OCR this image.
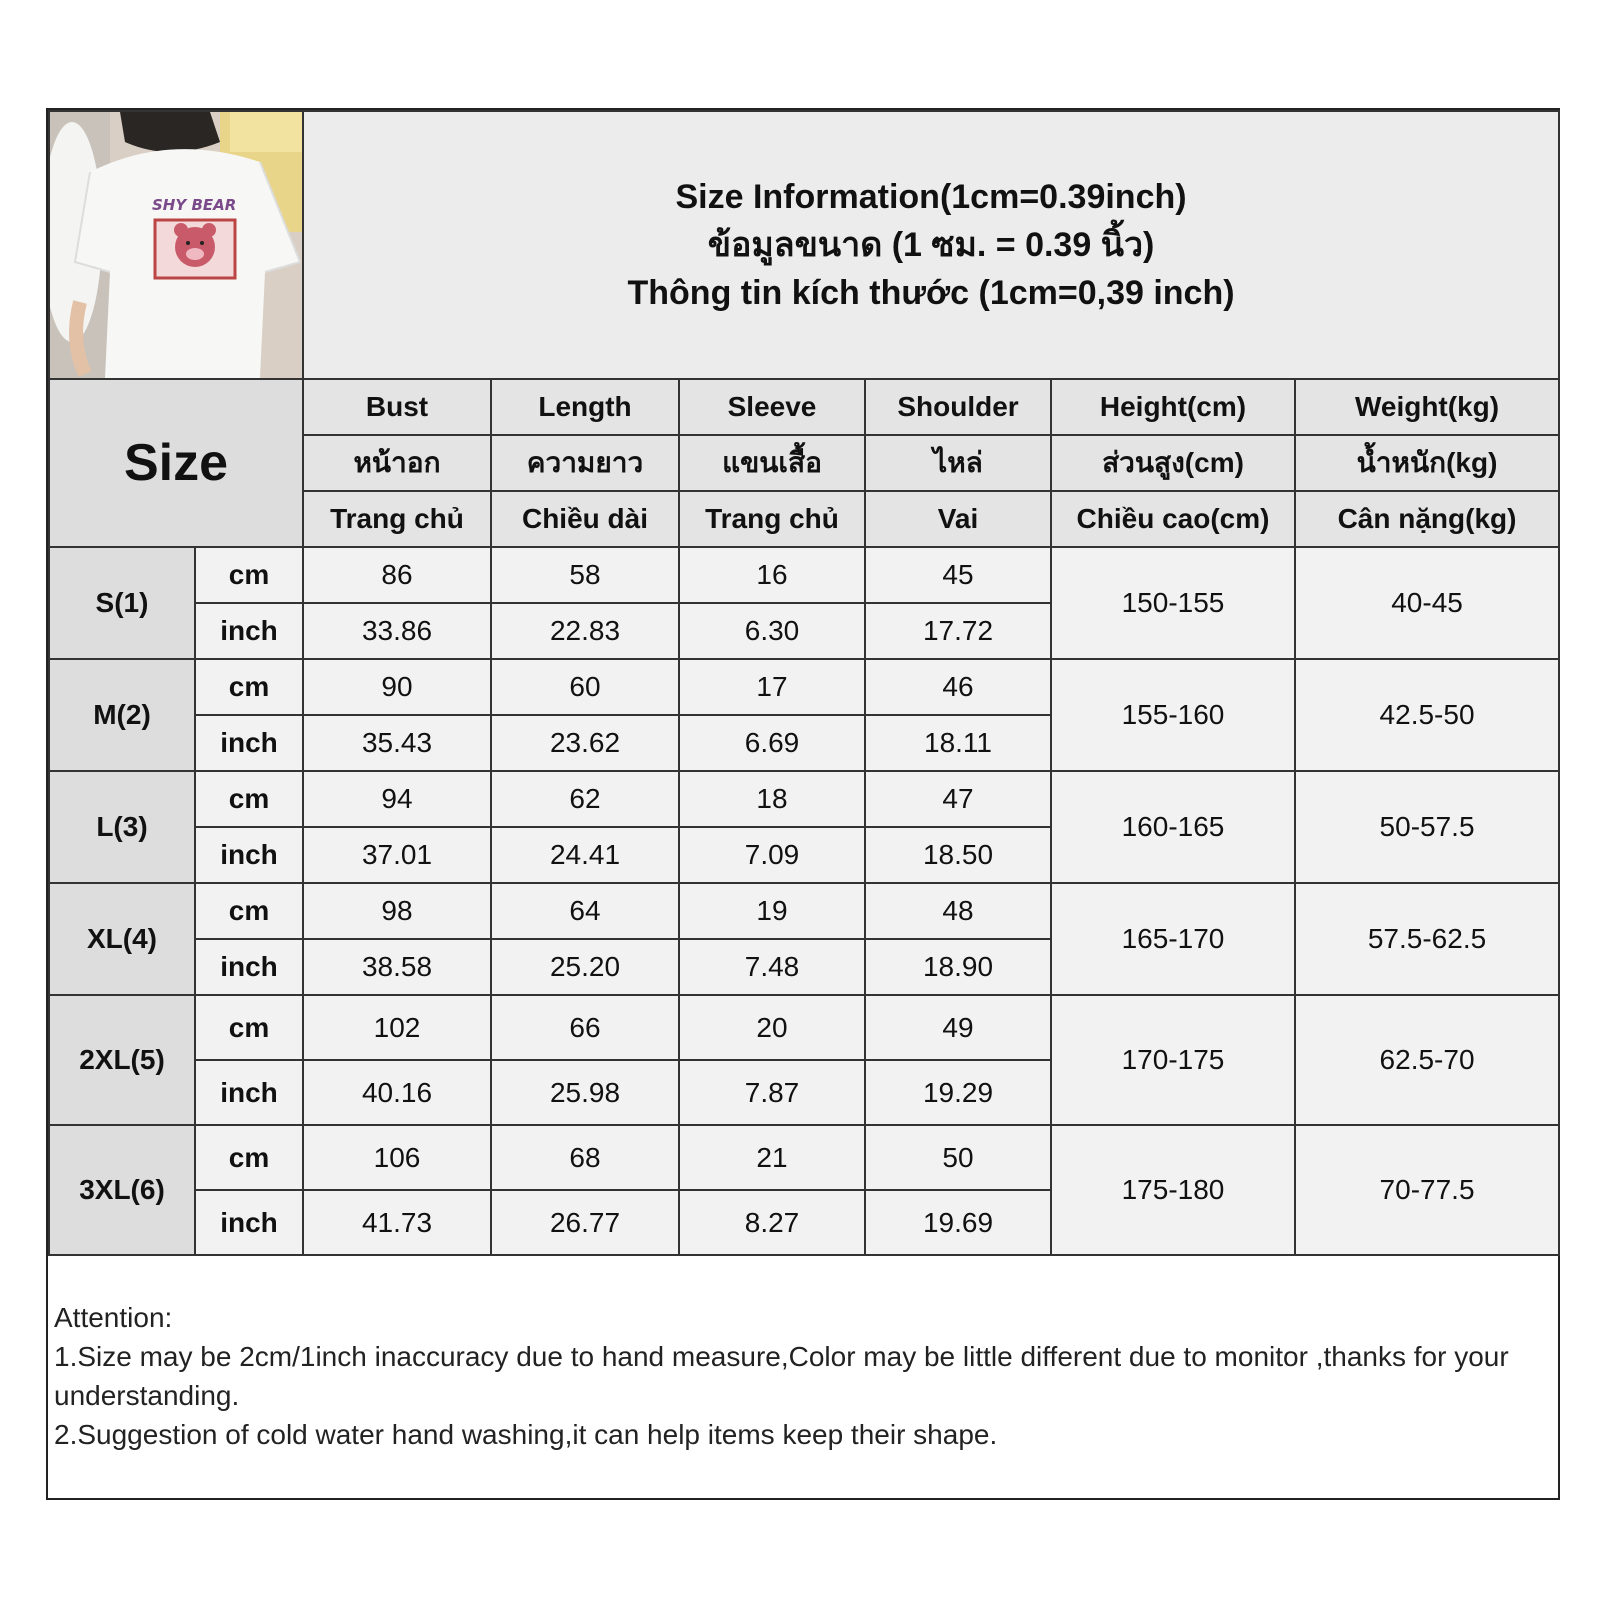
SHY BEAR		Size Information(1cm=0.39inch)
ข้อมูลขนาด (1 ซม. = 0.39 นิ้ว)
Thông tin kích thước (1cm=0,39 inch)					

Size		Bust	Length	Sleeve	Shoulder	Height(cm)	Weight(kg)
		หน้าอก	ความยาว	แขนเสื้อ	ไหล่	ส่วนสูง(cm)	น้ำหนัก(kg)
		Trang chủ	Chiều dài	Trang chủ	Vai	Chiều cao(cm)	Cân nặng(kg)
S(1)	cm	86	58	16	45	150-155	40-45
	inch	33.86	22.83	6.30	17.72		
M(2)	cm	90	60	17	46	155-160	42.5-50
	inch	35.43	23.62	6.69	18.11		
L(3)	cm	94	62	18	47	160-165	50-57.5
	inch	37.01	24.41	7.09	18.50		
XL(4)	cm	98	64	19	48	165-170	57.5-62.5
	inch	38.58	25.20	7.48	18.90		
2XL(5)	cm	102	66	20	49	170-175	62.5-70
	inch	40.16	25.98	7.87	19.29		
3XL(6)	cm	106	68	21	50	175-180	70-77.5
	inch	41.73	26.77	8.27	19.69		
Attention:
1.Size may be 2cm/1inch inaccuracy due to hand measure,Color may be little different due to monitor ,thanks for your understanding.
2.Suggestion of cold water hand washing,it can help items keep their shape.
